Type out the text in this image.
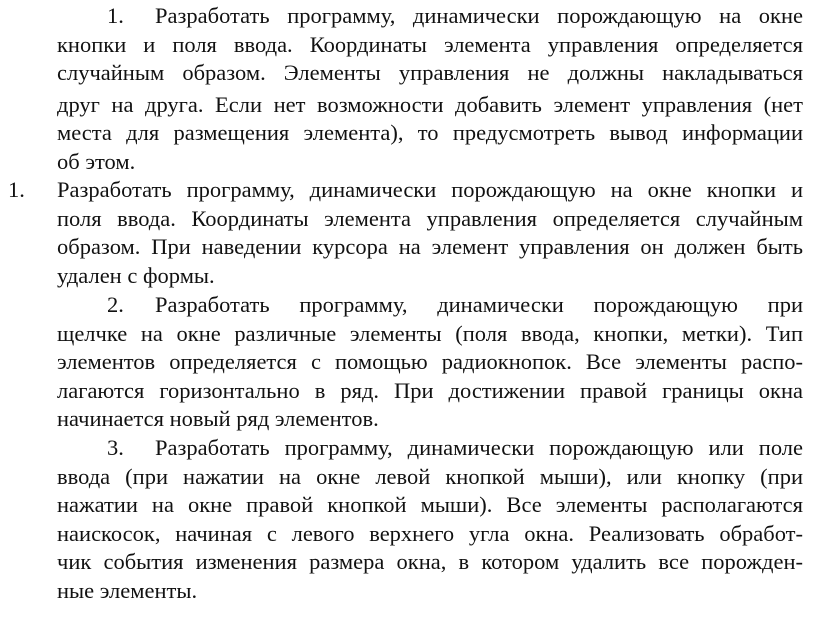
1.	Разработать программу, динамически порождающую на окне
кнопки и поля ввода. Координаты элемента управления определяется
случайным образом. Элементы управления не должны накладываться
друг на друга. Если нет возможности добавить элемент управления (нет
места для размещения элемента), то предусмотреть вывод информации
об этом.
1. Разработать программу, динамически порождающую на окне кнопки и
поля ввода. Координаты элемента управления определяется случайным
образом. При наведении курсора на элемент управления он должен быть
удален с формы.
2.	Разработать программу, динамически порождающую при
щелчке на окне различные элементы (поля ввода, кнопки, метки). Тип
элементов определяется с помощью радиокнопок. Все элементы распо-
лагаются горизонтально в ряд. При достижении правой границы окна
начинается новый ряд элементов.
3.	Разработать программу, динамически порождающую или поле
ввода (при нажатии на окне левой кнопкой мыши), или кнопку (при
нажатии на окне правой кнопкой мыши). Все элементы располагаются
наискосок, начиная с левого верхнего угла окна. Реализовать обработ-
чик события изменения размера окна, в котором удалить все порожден-
ные элементы.
